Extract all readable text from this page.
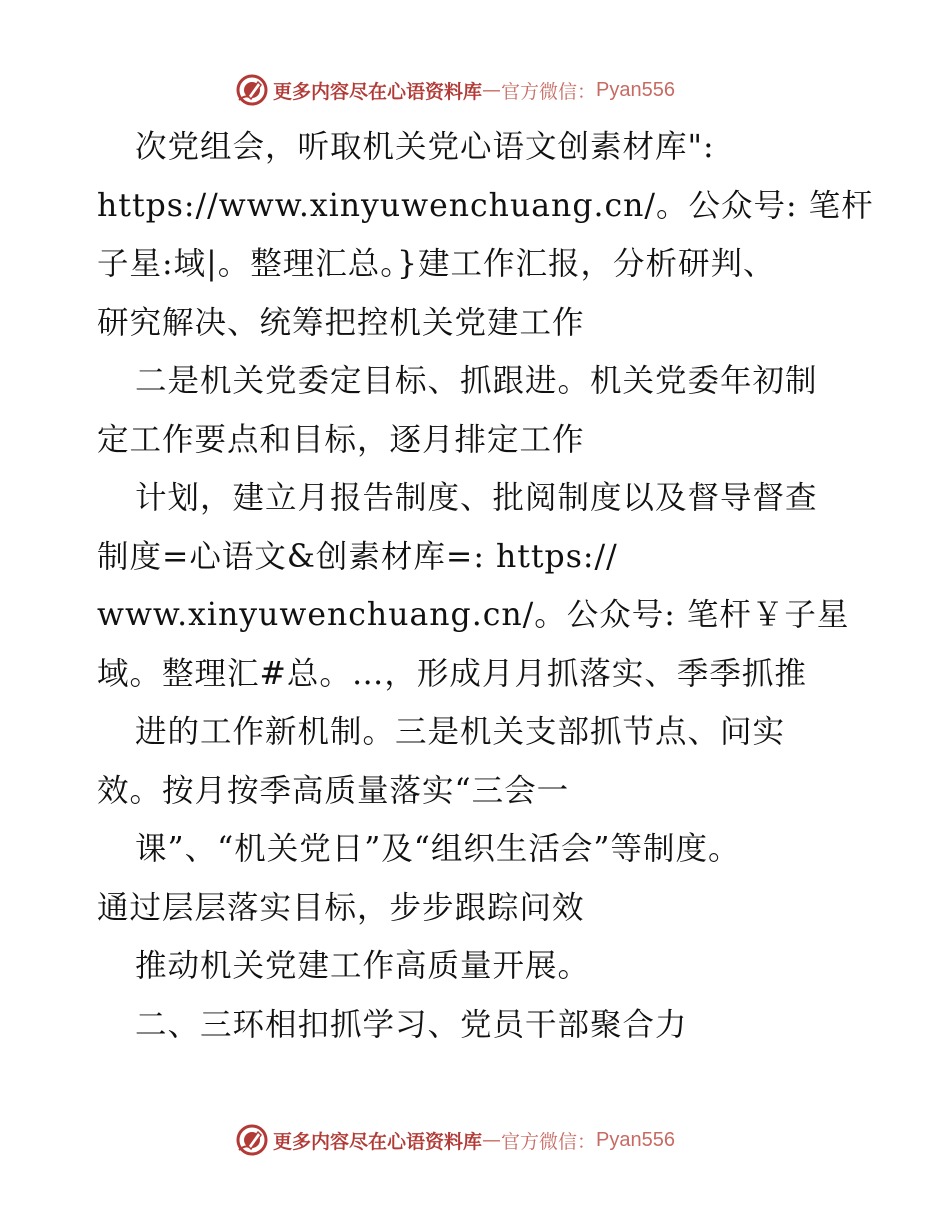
更多内容尽在心语资料库 — 官方微信： Pyan556
次党组会，听取机关党心语文创素材库":
https://www.xinyuwenchuang.cn/。公众号: 笔杆
子星:域|。整理汇总。}建工作汇报，分析研判、
研究解决、统筹把控机关党建工作
二是机关党委定目标、抓跟进。机关党委年初制
定工作要点和目标，逐月排定工作
计划，建立月报告制度、批阅制度以及督导督查
制度=心语文&创素材库=: https://
www.xinyuwenchuang.cn/。公众号: 笔杆￥子星
域。整理汇#总。…，形成月月抓落实、季季抓推
进的工作新机制。三是机关支部抓节点、问实
效。按月按季高质量落实“三会一
课”、“机关党日”及“组织生活会”等制度。
通过层层落实目标，步步跟踪问效
推动机关党建工作高质量开展。
二、三环相扣抓学习、党员干部聚合力
更多内容尽在心语资料库 — 官方微信： Pyan556
